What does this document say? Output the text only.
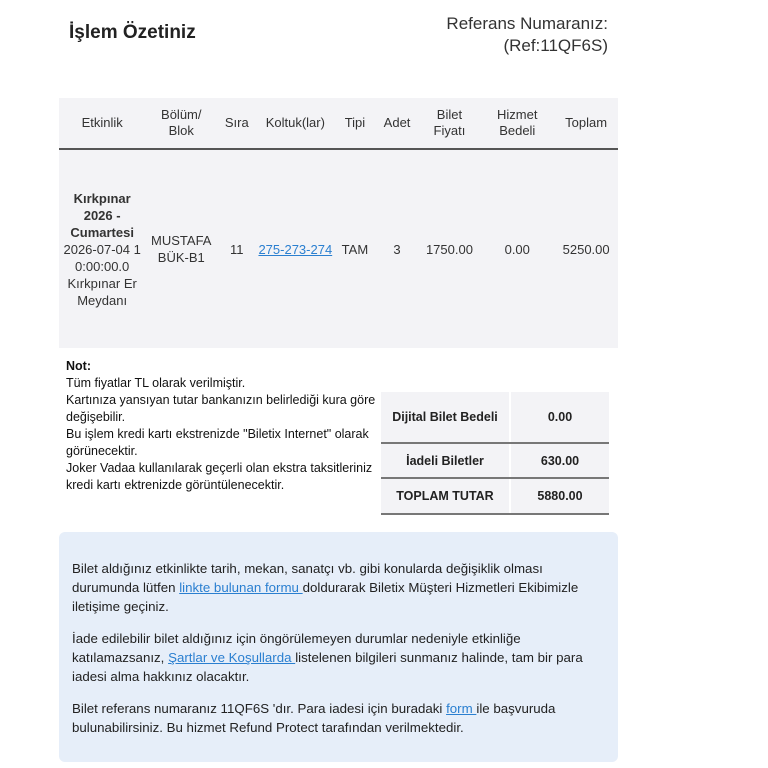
İşlem Özetiniz	Referans Numaranız:
(Ref:11QF6S)
Etkinlik	Bölüm/ Blok	Sıra	Koltuk(lar)	Tipi	Adet	Bilet Fiyatı	Hizmet Bedeli	Toplam

Kırkpınar 2026 - Cumartesi
2026-07-04 10:00:00.0
Kırkpınar Er Meydanı	MUSTAFA BÜK-B1	11	275-273-274	TAM	3	1750.00	0.00	5250.00
Not:
Tüm fiyatlar TL olarak verilmiştir.
Kartınıza yansıyan tutar bankanızın belirlediği kura göre değişebilir.
Bu işlem kredi kartı ekstrenizde "Biletix Internet" olarak görünecektir.
Joker Vadaa kullanılarak geçerli olan ekstra taksitleriniz kredi kartı ektrenizde görüntülenecektir.
Dijital Bilet Bedeli	0.00
İadeli Biletler	630.00
TOPLAM TUTAR	5880.00

Bilet aldığınız etkinlikte tarih, mekan, sanatçı vb. gibi konularda değişiklik olması durumunda lütfen linkte bulunan formu doldurarak Biletix Müşteri Hizmetleri Ekibimizle iletişime geçiniz.

İade edilebilir bilet aldığınız için öngörülemeyen durumlar nedeniyle etkinliğe katılamazsanız, Şartlar ve Koşullarda listelenen bilgileri sunmanız halinde, tam bir para iadesi alma hakkınız olacaktır.

Bilet referans numaranız 11QF6S 'dır. Para iadesi için buradaki form ile başvuruda bulunabilirsiniz. Bu hizmet Refund Protect tarafından verilmektedir.
